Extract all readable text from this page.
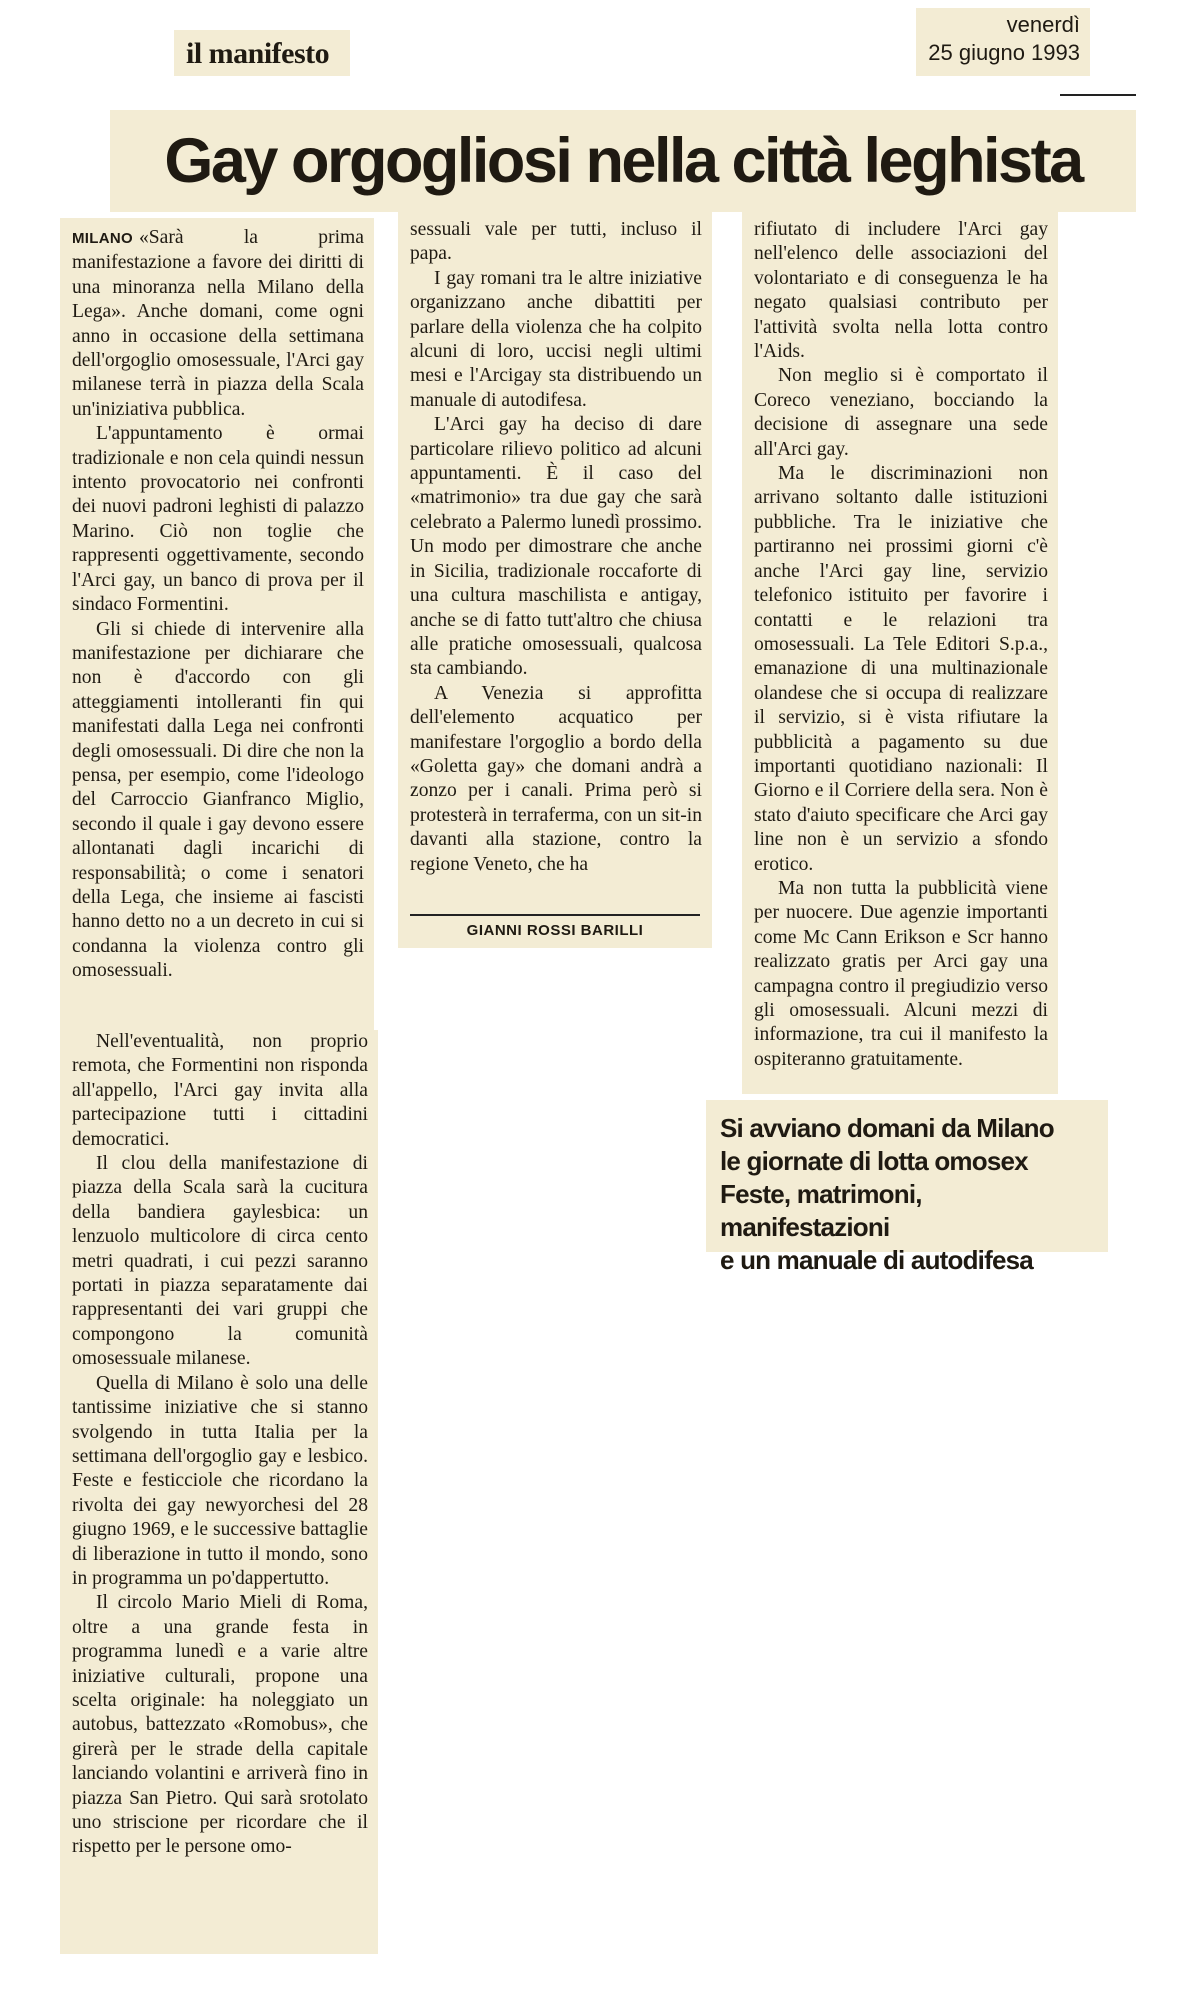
il manifesto
venerdì
25 giugno 1993
Gay orgogliosi nella città leghista

MILANO «Sarà la prima manifestazione a favore dei diritti di una minoranza nella Milano della Lega». Anche domani, come ogni anno in occasione della settimana dell'orgoglio omosessuale, l'Arci gay milanese terrà in piazza della Scala un'iniziativa pubblica.

L'appuntamento è ormai tradizionale e non cela quindi nessun intento provocatorio nei confronti dei nuovi padroni leghisti di palazzo Marino. Ciò non toglie che rappresenti oggettivamente, secondo l'Arci gay, un banco di prova per il sindaco Formentini.

Gli si chiede di intervenire alla manifestazione per dichiarare che non è d'accordo con gli atteggiamenti intolleranti fin qui manifestati dalla Lega nei confronti degli omosessuali. Di dire che non la pensa, per esempio, come l'ideologo del Carroccio Gianfranco Miglio, secondo il quale i gay devono essere allontanati dagli incarichi di responsabilità; o come i senatori della Lega, che insieme ai fascisti hanno detto no a un decreto in cui si condanna la violenza contro gli omosessuali.

Nell'eventualità, non proprio remota, che Formentini non risponda all'appello, l'Arci gay invita alla partecipazione tutti i cittadini democratici.

Il clou della manifestazione di piazza della Scala sarà la cucitura della bandiera gaylesbica: un lenzuolo multicolore di circa cento metri quadrati, i cui pezzi saranno portati in piazza separatamente dai rappresentanti dei vari gruppi che compongono la comunità omosessuale milanese.

Quella di Milano è solo una delle tantissime iniziative che si stanno svolgendo in tutta Italia per la settimana dell'orgoglio gay e lesbico. Feste e festicciole che ricordano la rivolta dei gay newyorchesi del 28 giugno 1969, e le successive battaglie di liberazione in tutto il mondo, sono in programma un po'dappertutto.

Il circolo Mario Mieli di Roma, oltre a una grande festa in programma lunedì e a varie altre iniziative culturali, propone una scelta originale: ha noleggiato un autobus, battezzato «Romobus», che girerà per le strade della capitale lanciando volantini e arriverà fino in piazza San Pietro. Qui sarà srotolato uno striscione per ricordare che il rispetto per le persone omo-

sessuali vale per tutti, incluso il papa.

I gay romani tra le altre iniziative organizzano anche dibattiti per parlare della violenza che ha colpito alcuni di loro, uccisi negli ultimi mesi e l'Arcigay sta distribuendo un manuale di autodifesa.

L'Arci gay ha deciso di dare particolare rilievo politico ad alcuni appuntamenti. È il caso del «matrimonio» tra due gay che sarà celebrato a Palermo lunedì prossimo. Un modo per dimostrare che anche in Sicilia, tradizionale roccaforte di una cultura maschilista e antigay, anche se di fatto tutt'altro che chiusa alle pratiche omosessuali, qualcosa sta cambiando.

A Venezia si approfitta dell'elemento acquatico per manifestare l'orgoglio a bordo della «Goletta gay» che domani andrà a zonzo per i canali. Prima però si protesterà in terraferma, con un sit-in davanti alla stazione, contro la regione Veneto, che ha

GIANNI ROSSI BARILLI

rifiutato di includere l'Arci gay nell'elenco delle associazioni del volontariato e di conseguenza le ha negato qualsiasi contributo per l'attività svolta nella lotta contro l'Aids.

Non meglio si è comportato il Coreco veneziano, bocciando la decisione di assegnare una sede all'Arci gay.

Ma le discriminazioni non arrivano soltanto dalle istituzioni pubbliche. Tra le iniziative che partiranno nei prossimi giorni c'è anche l'Arci gay line, servizio telefonico istituito per favorire i contatti e le relazioni tra omosessuali. La Tele Editori S.p.a., emanazione di una multinazionale olandese che si occupa di realizzare il servizio, si è vista rifiutare la pubblicità a pagamento su due importanti quotidiano nazionali: Il Giorno e il Corriere della sera. Non è stato d'aiuto specificare che Arci gay line non è un servizio a sfondo erotico.

Ma non tutta la pubblicità viene per nuocere. Due agenzie importanti come Mc Cann Erikson e Scr hanno realizzato gratis per Arci gay una campagna contro il pregiudizio verso gli omosessuali. Alcuni mezzi di informazione, tra cui il manifesto la ospiteranno gratuitamente.

Si avviano domani da Milano
le giornate di lotta omosex
Feste, matrimoni, manifestazioni
e un manuale di autodifesa
